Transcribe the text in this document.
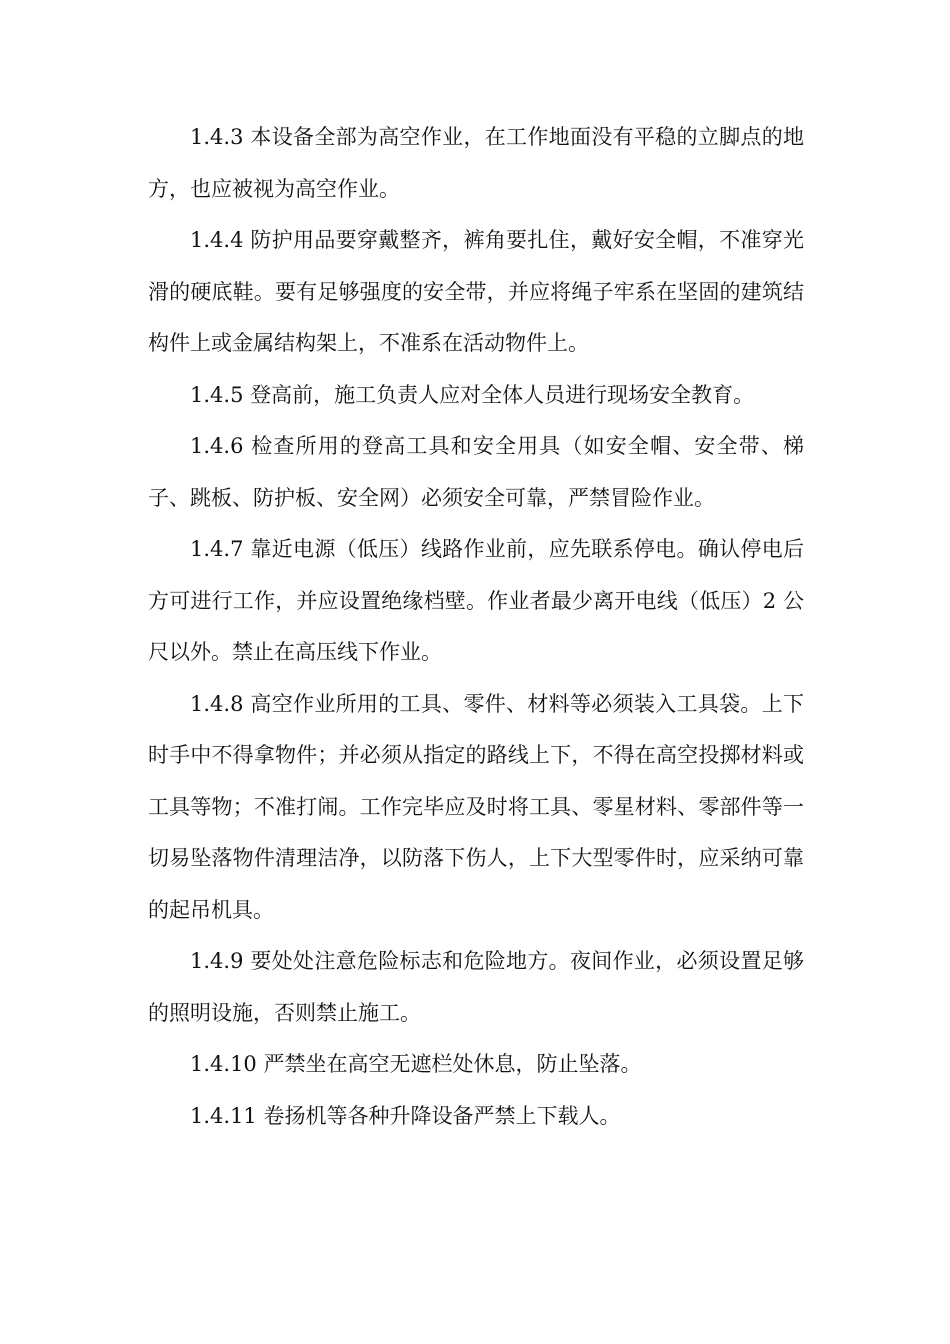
1.4.3 本设备全部为高空作业，在工作地面没有平稳的立脚点的地方，也应被视为高空作业。

1.4.4 防护用品要穿戴整齐，裤角要扎住，戴好安全帽，不准穿光滑的硬底鞋。要有足够强度的安全带，并应将绳子牢系在坚固的建筑结构件上或金属结构架上，不准系在活动物件上。

1.4.5 登高前，施工负责人应对全体人员进行现场安全教育。

1.4.6 检查所用的登高工具和安全用具（如安全帽、安全带、梯子、跳板、防护板、安全网）必须安全可靠，严禁冒险作业。

1.4.7 靠近电源（低压）线路作业前，应先联系停电。确认停电后方可进行工作，并应设置绝缘档壁。作业者最少离开电线（低压）2 公尺以外。禁止在高压线下作业。

1.4.8 高空作业所用的工具、零件、材料等必须装入工具袋。上下时手中不得拿物件；并必须从指定的路线上下，不得在高空投掷材料或工具等物；不准打闹。工作完毕应及时将工具、零星材料、零部件等一切易坠落物件清理洁净，以防落下伤人，上下大型零件时，应采纳可靠的起吊机具。

1.4.9 要处处注意危险标志和危险地方。夜间作业，必须设置足够的照明设施，否则禁止施工。

1.4.10 严禁坐在高空无遮栏处休息，防止坠落。

1.4.11 卷扬机等各种升降设备严禁上下载人。
